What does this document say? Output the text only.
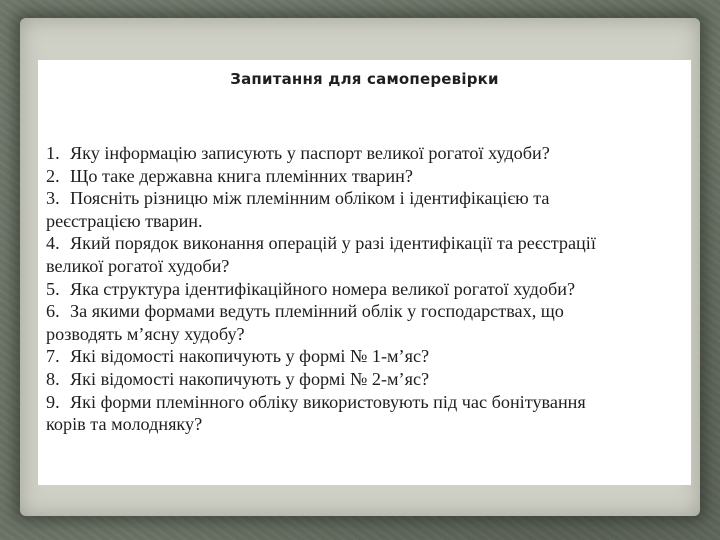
Запитання для самоперевірки
1. Яку інформацію записують у паспорт великої рогатої худоби?
2. Що таке державна книга племінних тварин?
3. Поясніть різницю між племінним обліком і ідентифікацією та
реєстрацією тварин.
4. Який порядок виконання операцій у разі ідентифікації та реєстрації
великої рогатої худоби?
5. Яка структура ідентифікаційного номера великої рогатої худоби?
6. За якими формами ведуть племінний облік у господарствах, що
розводять м’ясну худобу?
7. Які відомості накопичують у формі № 1-м’яс?
8. Які відомості накопичують у формі № 2-м’яс?
9. Які форми племінного обліку використовують під час бонітування
корів та молодняку?
